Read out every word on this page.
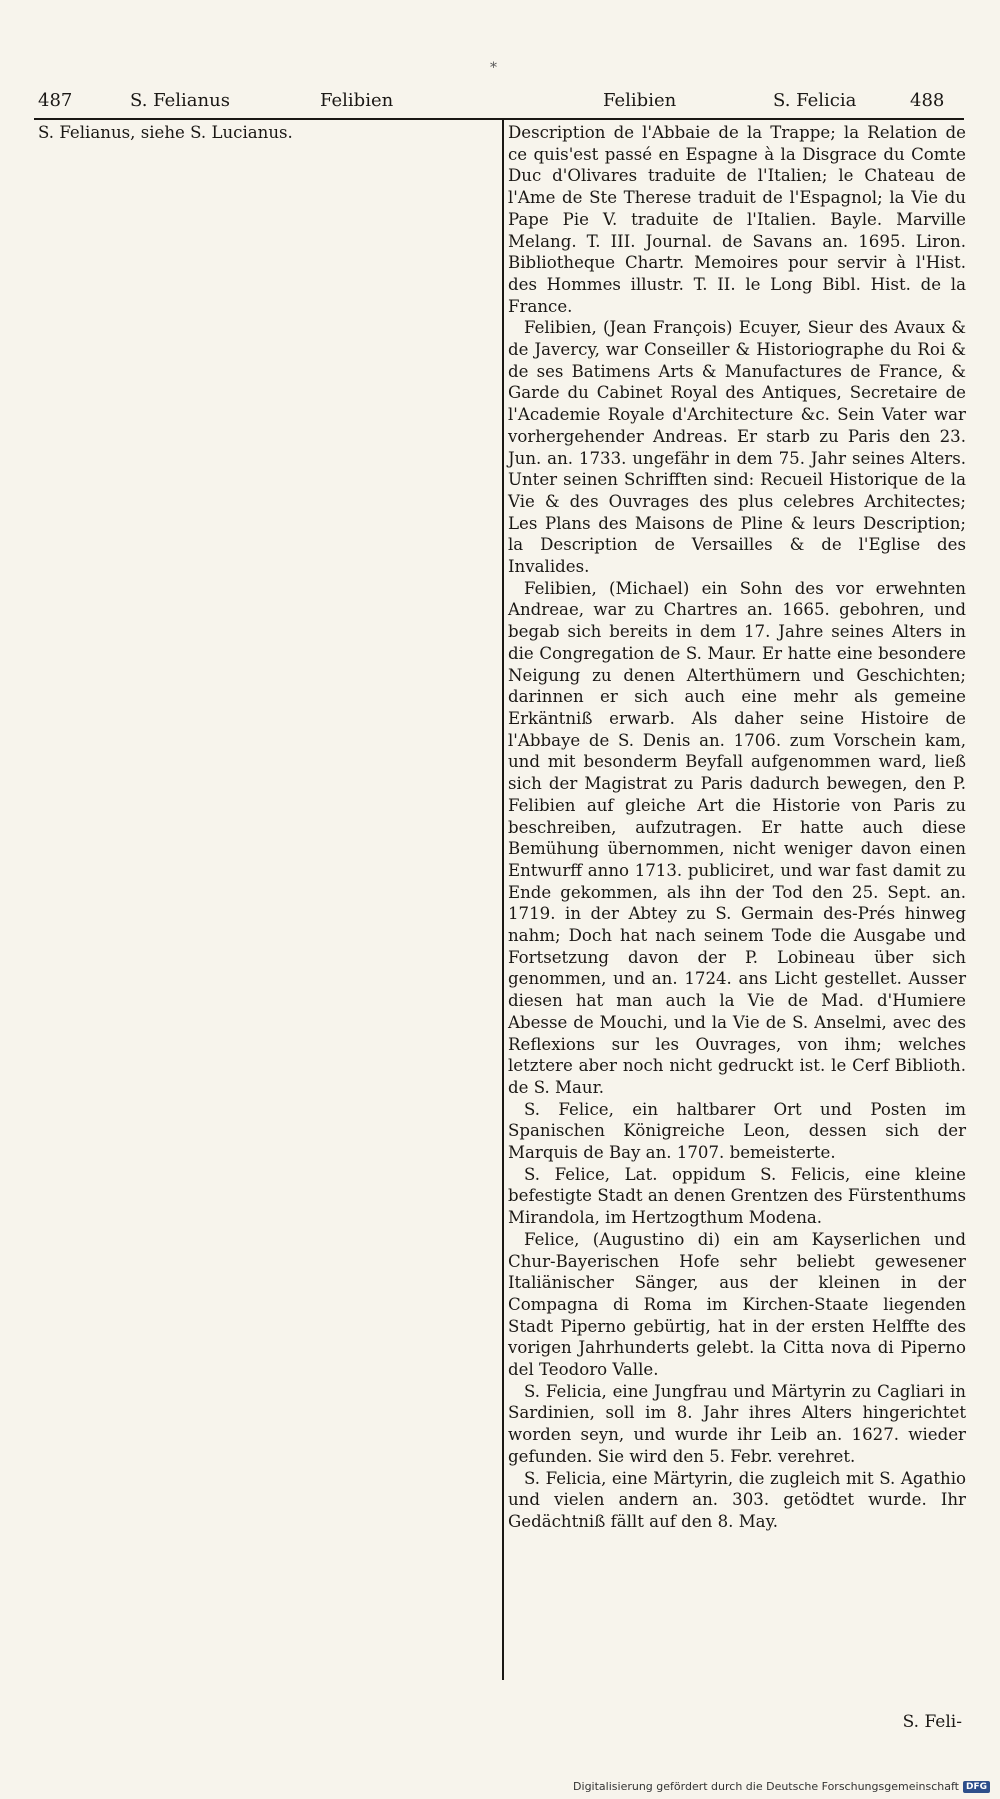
*
487	S. Felianus	Felibien	Felibien	S. Felicia	488

S. Felianus, siehe S. Lucianus.	Description de l'Abbaie de la Trappe; la Relation de ce quis'est passé en Espagne à la Disgrace du Comte Duc d'Olivares traduite de l'Italien; le Chateau de l'Ame de Ste Therese traduit de l'Espagnol; la Vie du Pape Pie V. traduite de l'Italien. Bayle. Marville Melang. T. III. Journal. de Savans an. 1695. Liron. Bibliotheque Chartr. Memoires pour servir à l'Hist. des Hommes illustr. T. II. le Long Bibl. Hist. de la France.

Felibien, (Jean François) Ecuyer, Sieur des Avaux & de Javercy, war Conseiller & Historiographe du Roi & de ses Batimens Arts & Manufactures de France, & Garde du Cabinet Royal des Antiques, Secretaire de l'Academie Royale d'Architecture &c. Sein Vater war vorhergehender Andreas. Er starb zu Paris den 23. Jun. an. 1733. ungefähr in dem 75. Jahr seines Alters. Unter seinen Schrifften sind: Recueil Historique de la Vie & des Ouvrages des plus celebres Architectes; Les Plans des Maisons de Pline & leurs Description; la Description de Versailles & de l'Eglise des Invalides.

Felibien, (Michael) ein Sohn des vor erwehnten Andreae, war zu Chartres an. 1665. gebohren, und begab sich bereits in dem 17. Jahre seines Alters in die Congregation de S. Maur. Er hatte eine besondere Neigung zu denen Alterthümern und Geschichten; darinnen er sich auch eine mehr als gemeine Erkäntniß erwarb. Als daher seine Histoire de l'Abbaye de S. Denis an. 1706. zum Vorschein kam, und mit besonderm Beyfall aufgenommen ward, ließ sich der Magistrat zu Paris dadurch bewegen, den P. Felibien auf gleiche Art die Historie von Paris zu beschreiben, aufzutragen. Er hatte auch diese Bemühung übernommen, nicht weniger davon einen Entwurff anno 1713. publiciret, und war fast damit zu Ende gekommen, als ihn der Tod den 25. Sept. an. 1719. in der Abtey zu S. Germain des-Prés hinweg nahm; Doch hat nach seinem Tode die Ausgabe und Fortsetzung davon der P. Lobineau über sich genommen, und an. 1724. ans Licht gestellet. Ausser diesen hat man auch la Vie de Mad. d'Humiere Abesse de Mouchi, und la Vie de S. Anselmi, avec des Reflexions sur les Ouvrages, von ihm; welches letztere aber noch nicht gedruckt ist. le Cerf Biblioth. de S. Maur.

S. Felice, ein haltbarer Ort und Posten im Spanischen Königreiche Leon, dessen sich der Marquis de Bay an. 1707. bemeisterte.

S. Felice, Lat. oppidum S. Felicis, eine kleine befestigte Stadt an denen Grentzen des Fürstenthums Mirandola, im Hertzogthum Modena.

Felice, (Augustino di) ein am Kayserlichen und Chur-Bayerischen Hofe sehr beliebt gewesener Italiänischer Sänger, aus der kleinen in der Compagna di Roma im Kirchen-Staate liegenden Stadt Piperno gebürtig, hat in der ersten Helffte des vorigen Jahrhunderts gelebt. la Citta nova di Piperno del Teodoro Valle.

S. Felicia, eine Jungfrau und Märtyrin zu Cagliari in Sardinien, soll im 8. Jahr ihres Alters hingerichtet worden seyn, und wurde ihr Leib an. 1627. wieder gefunden. Sie wird den 5. Febr. verehret.

S. Felicia, eine Märtyrin, die zugleich mit S. Agathio und vielen andern an. 303. getödtet wurde. Ihr Gedächtniß fällt auf den 8. May.

S. Feli-
Digitalisierung gefördert durch die Deutsche Forschungsgemeinschaft DFG
